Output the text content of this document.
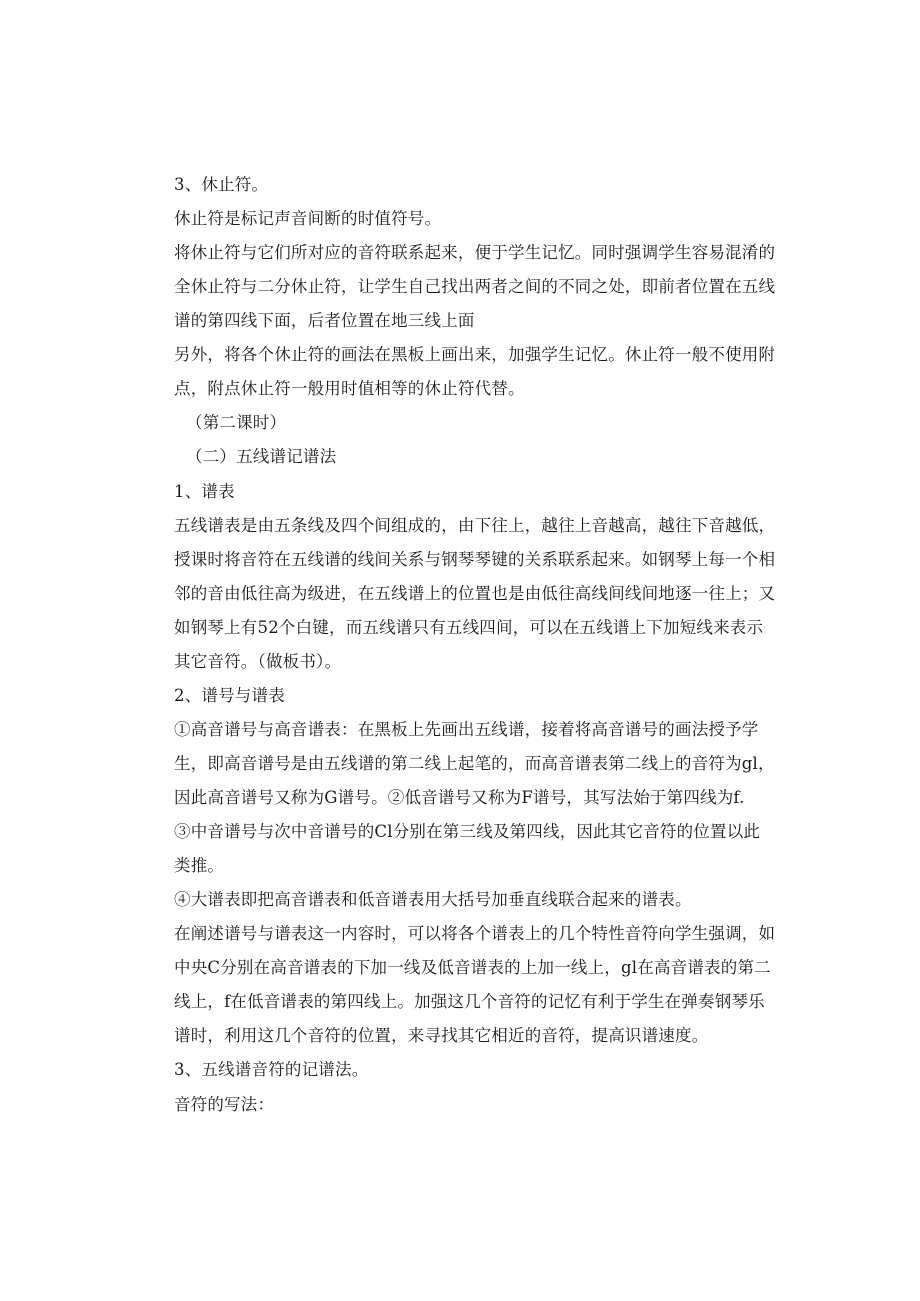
3、休止符。
休止符是标记声音间断的时值符号。
将休止符与它们所对应的音符联系起来，便于学生记忆。同时强调学生容易混淆的
全休止符与二分休止符，让学生自己找出两者之间的不同之处，即前者位置在五线
谱的第四线下面，后者位置在地三线上面
另外，将各个休止符的画法在黑板上画出来，加强学生记忆。休止符一般不使用附
点，附点休止符一般用时值相等的休止符代替。
（第二课时）
（二）五线谱记谱法
1、谱表
五线谱表是由五条线及四个间组成的，由下往上，越往上音越高，越往下音越低，
授课时将音符在五线谱的线间关系与钢琴琴键的关系联系起来。如钢琴上每一个相
邻的音由低往高为级进，在五线谱上的位置也是由低往高线间线间地逐一往上；又
如钢琴上有52个白键，而五线谱只有五线四间，可以在五线谱上下加短线来表示
其它音符。（做板书）。
2、谱号与谱表
①高音谱号与高音谱表：在黑板上先画出五线谱，接着将高音谱号的画法授予学
生，即高音谱号是由五线谱的第二线上起笔的，而高音谱表第二线上的音符为gl，
因此高音谱号又称为G谱号。②低音谱号又称为F谱号，其写法始于第四线为f.
③中音谱号与次中音谱号的Cl分别在第三线及第四线，因此其它音符的位置以此
类推。
④大谱表即把高音谱表和低音谱表用大括号加垂直线联合起来的谱表。
在阐述谱号与谱表这一内容时，可以将各个谱表上的几个特性音符向学生强调，如
中央C分别在高音谱表的下加一线及低音谱表的上加一线上，gl在高音谱表的第二
线上，f在低音谱表的第四线上。加强这几个音符的记忆有利于学生在弹奏钢琴乐
谱时，利用这几个音符的位置，来寻找其它相近的音符，提高识谱速度。
3、五线谱音符的记谱法。
音符的写法：
